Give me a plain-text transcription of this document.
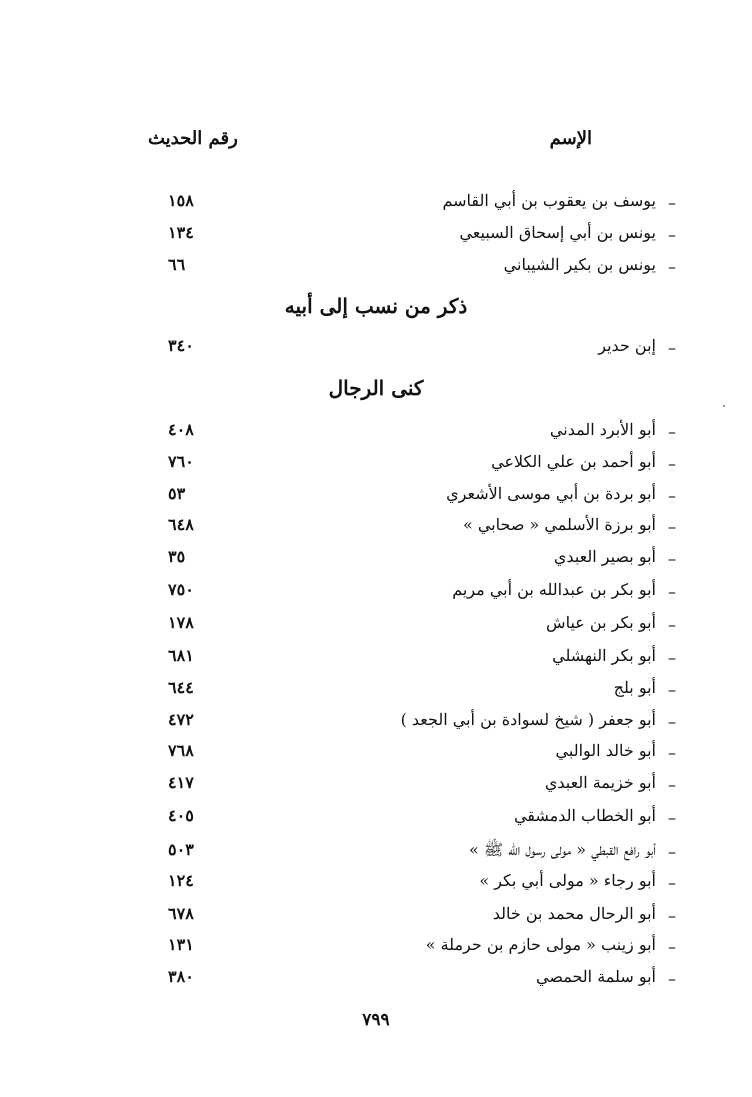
الإسم
رقم الحديث
–
يوسف بن يعقوب بن أبي القاسم
١٥٨
–
يونس بن أبي إسحاق السبيعي
١٣٤
–
يونس بن بكير الشيباني
٦٦
ذكر من نسب إلى أبيه
–
إبن حدير
٣٤٠
كنى الرجال
–
أبو الأبرد المدني
٤٠٨
–
أبو أحمد بن علي الكلاعي
٧٦٠
–
أبو بردة بن أبي موسى الأشعري
٥٣
–
أبو برزة الأسلمي « صحابي »
٦٤٨
–
أبو بصير العبدي
٣٥
–
أبو بكر بن عبدالله بن أبي مريم
٧٥٠
–
أبو بكر بن عياش
١٧٨
–
أبو بكر النهشلي
٦٨١
–
أبو بلج
٦٤٤
–
أبو جعفر ( شيخ لسوادة بن أبي الجعد )
٤٧٢
–
أبو خالد الوالبي
٧٦٨
–
أبو خزيمة العبدي
٤١٧
–
أبو الخطاب الدمشقي
٤٠٥
–
أبو رافع القبطي « مولى رسول الله ﷺ »
٥٠٣
–
أبو رجاء « مولى أبي بكر »
١٢٤
–
أبو الرحال محمد بن خالد
٦٧٨
–
أبو زينب « مولى حازم بن حرملة »
١٣١
–
أبو سلمة الحمصي
٣٨٠
٧٩٩
